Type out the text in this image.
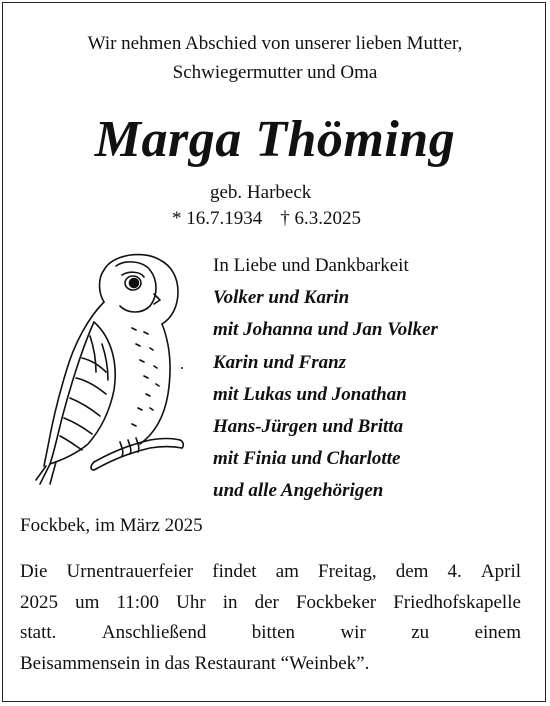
Wir nehmen Abschied von unserer lieben Mutter,
Schwiegermutter und Oma
Marga Thöming
geb. Harbeck
* 16.7.1934 † 6.3.2025
In Liebe und Dankbarkeit
Volker und Karin
mit Johanna und Jan Volker
Karin und Franz
mit Lukas und Jonathan
Hans-Jürgen und Britta
mit Finia und Charlotte
und alle Angehörigen
Fockbek, im März 2025
Die Urnentrauerfeier findet am Freitag, dem 4. April
2025 um 11:00 Uhr in der Fockbeker Friedhofskapelle
statt. Anschließend bitten wir zu einem
Beisammensein in das Restaurant “Weinbek”.
